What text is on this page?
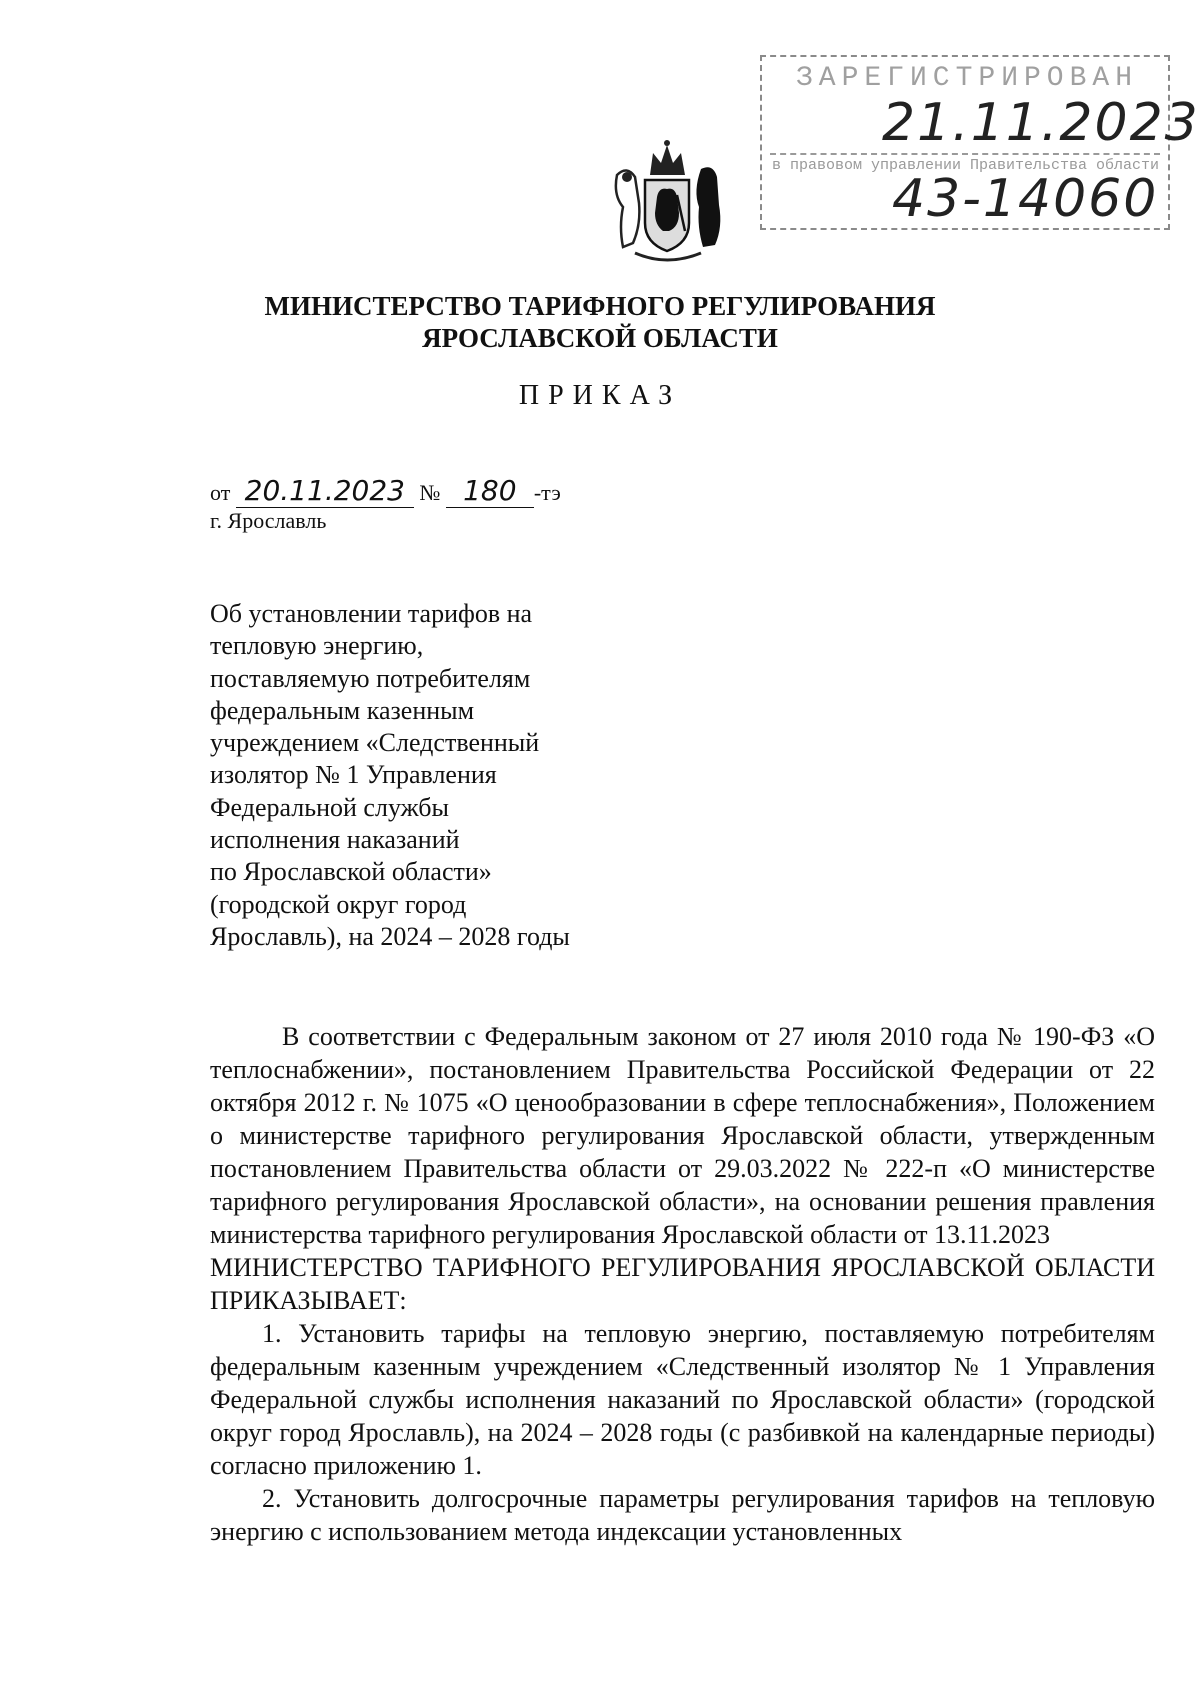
ЗАРЕГИСТРИРОВАН
21.11.2023
в правовом управлении Правительства области
43-14060
МИНИСТЕРСТВО ТАРИФНОГО РЕГУЛИРОВАНИЯ
ЯРОСЛАВСКОЙ ОБЛАСТИ
ПРИКАЗ
от 20.11.2023 № 180 -тэ
г. Ярославль
Об установлении тарифов на
тепловую энергию,
поставляемую потребителям
федеральным казенным
учреждением «Следственный
изолятор № 1 Управления
Федеральной службы
исполнения наказаний
по Ярославской области»
(городской округ город
Ярославль), на 2024 – 2028 годы

В соответствии с Федеральным законом от 27 июля 2010 года № 190-ФЗ «О теплоснабжении», постановлением Правительства Российской Федерации от 22 октября 2012 г. № 1075 «О ценообразовании в сфере теплоснабжения», Положением о министерстве тарифного регулирования Ярославской области, утвержденным постановлением Правительства области от 29.03.2022 № 222-п «О министерстве тарифного регулирования Ярославской области», на основании решения правления министерства тарифного регулирования Ярославской области от 13.11.2023

МИНИСТЕРСТВО ТАРИФНОГО РЕГУЛИРОВАНИЯ ЯРОСЛАВСКОЙ ОБЛАСТИ ПРИКАЗЫВАЕТ:

1. Установить тарифы на тепловую энергию, поставляемую потребителям федеральным казенным учреждением «Следственный изолятор № 1 Управления Федеральной службы исполнения наказаний по Ярославской области» (городской округ город Ярославль), на 2024 – 2028 годы (с разбивкой на календарные периоды) согласно приложению 1.

2. Установить долгосрочные параметры регулирования тарифов на тепловую энергию с использованием метода индексации установленных
